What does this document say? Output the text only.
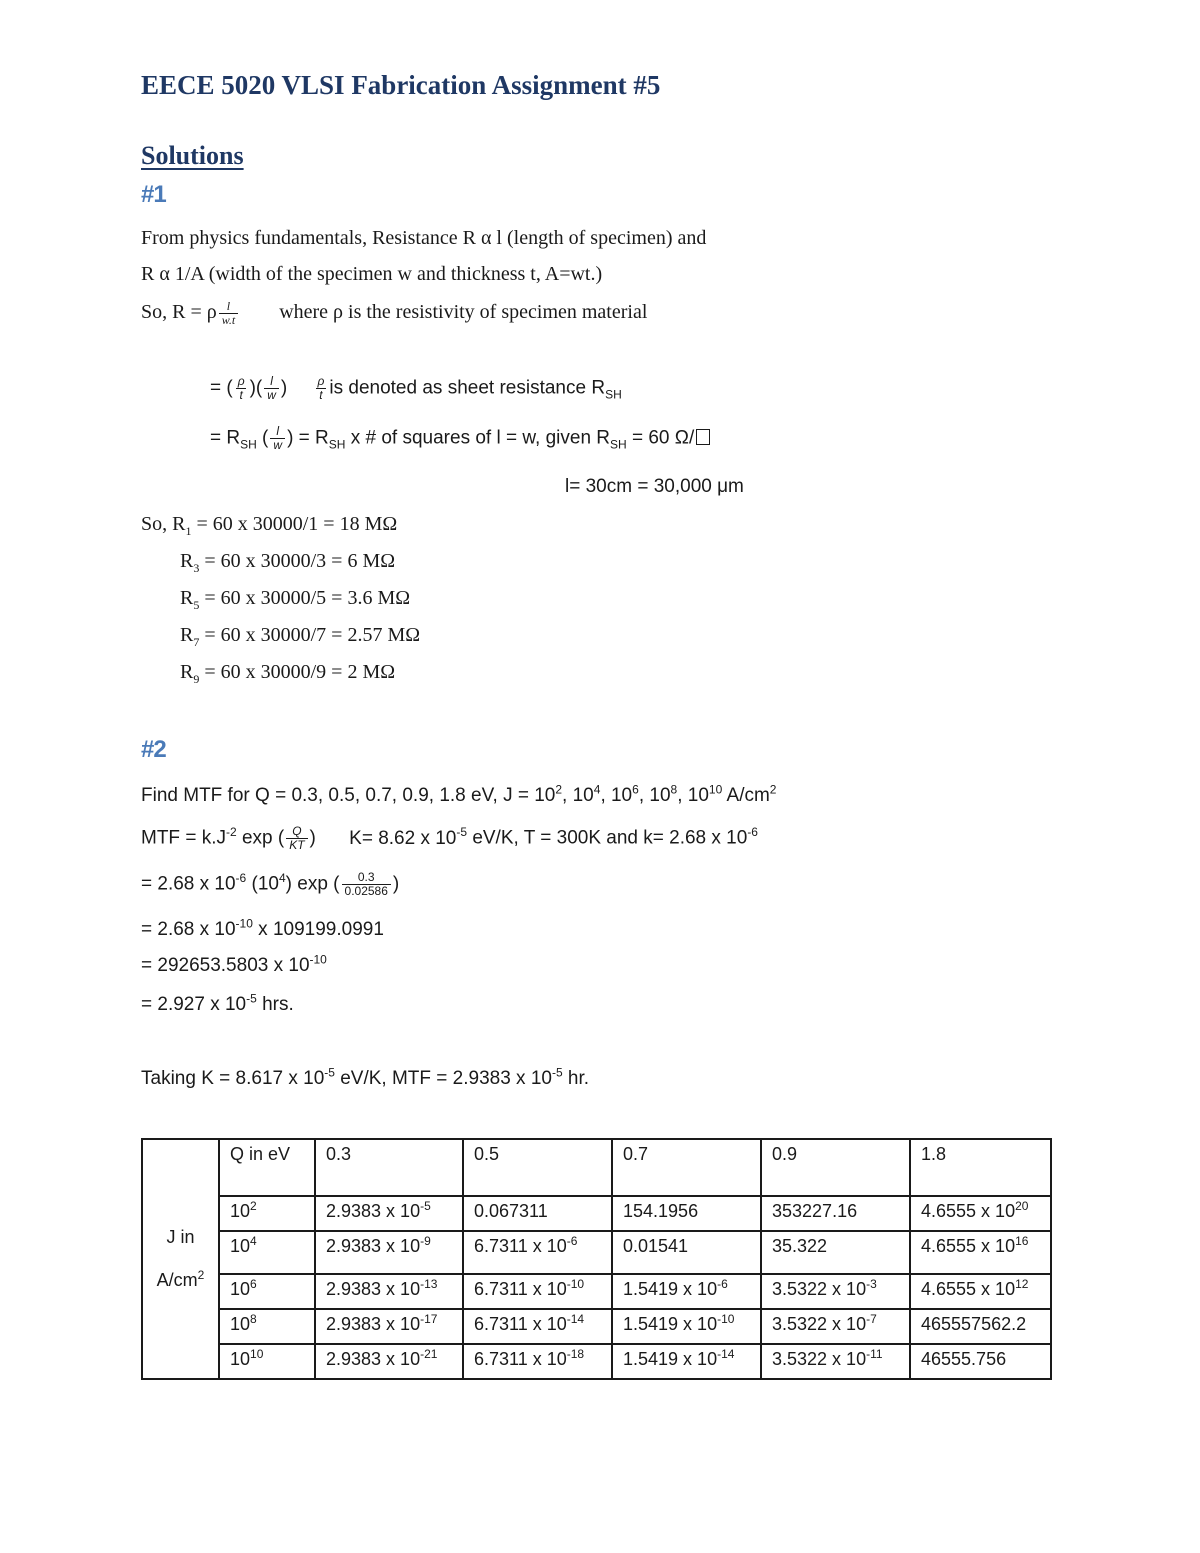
EECE 5020 VLSI Fabrication Assignment #5
Solutions
#1
From physics fundamentals, Resistance R α l (length of specimen) and
R α 1/A (width of the specimen w and thickness t, A=wt.)
So, R = ρ $\frac{l}{w.t}$ where ρ is the resistivity of specimen material
= ( $\frac{\rho}{t}$ )( $\frac{l}{w}$ ) $\frac{\rho}{t}$ is denoted as sheet resistance $R_{SH}$
= $R_{SH}$ ( $\frac{l}{w}$ ) = $R_{SH}$ x # of squares of l = w, given $R_{SH} = 60$ Ω/
l= 30cm = 30,000 μm
So, $R_1 = 60$ x 30000/1 = 18 MΩ
$R_3 = 60$ x 30000/3 = 6 MΩ
$R_5 = 60$ x 30000/5 = 3.6 MΩ
$R_7 = 60$ x 30000/7 = 2.57 MΩ
$R_9 = 60$ x 30000/9 = 2 MΩ
#2
Find MTF for Q = 0.3, 0.5, 0.7, 0.9, 1.8 eV, $J = 10^2$, $10^4$, $10^6$, $10^8$, $10^{10}$ $A/cm^2$
MTF = $k.J^{-2}$ exp ( $\frac{Q}{KT}$ ) K= 8.62 x $10^{-5}$ eV/K, T = 300K and k= 2.68 x $10^{-6}$
= 2.68 x $10^{-6}$ $(10^4)$ exp ( $\frac{0.3}{0.02586}$ )
= 2.68 x $10^{-10}$ x 109199.0991
= 292653.5803 x $10^{-10}$
= 2.927 x $10^{-5}$ hrs.
Taking K = 8.617 x $10^{-5}$ eV/K, MTF = 2.9383 x $10^{-5}$ hr.
J in
$A/cm^2$	Q in eV	0.3	0.5	0.7	0.9	1.8
	$10^2$	2.9383 x $10^{-5}$	0.067311	154.1956	353227.16	4.6555 x $10^{20}$
	$10^4$	2.9383 x $10^{-9}$	6.7311 x $10^{-6}$	0.01541	35.322	4.6555 x $10^{16}$
	$10^6$	2.9383 x $10^{-13}$	6.7311 x $10^{-10}$	1.5419 x $10^{-6}$	3.5322 x $10^{-3}$	4.6555 x $10^{12}$
	$10^8$	2.9383 x $10^{-17}$	6.7311 x $10^{-14}$	1.5419 x $10^{-10}$	3.5322 x $10^{-7}$	465557562.2
	$10^{10}$	2.9383 x $10^{-21}$	6.7311 x $10^{-18}$	1.5419 x $10^{-14}$	3.5322 x $10^{-11}$	46555.756
